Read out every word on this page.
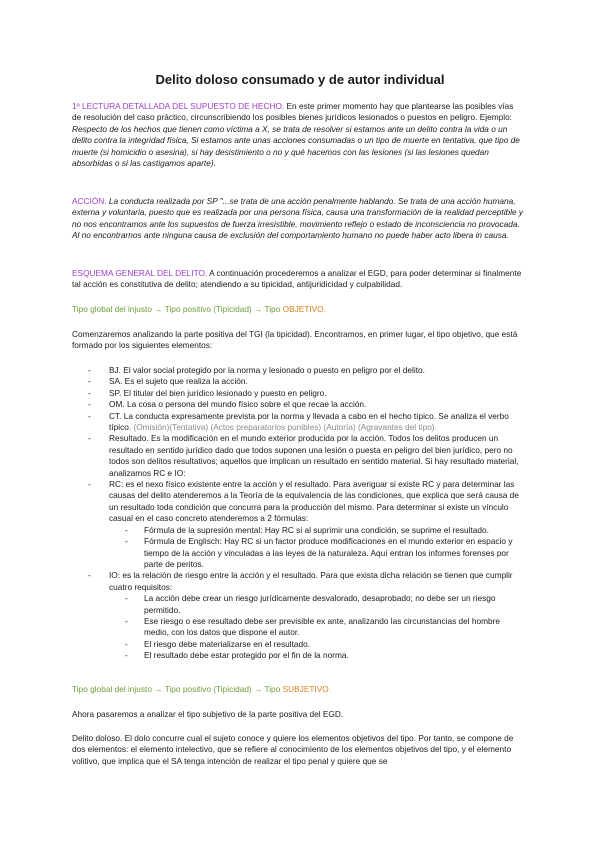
Delito doloso consumado y de autor individual
1º LECTURA DETALLADA DEL SUPUESTO DE HECHO. En este primer momento hay que plantearse las posibles vías de resolución del caso práctico, circunscribiendo los posibles bienes jurídicos lesionados o puestos en peligro. Ejemplo:
Respecto de los hechos que tienen como víctima a X, se trata de resolver si estamos ante un delito contra la vida o un delito contra la integridad física, Si estamos ante unas acciones consumadas o un tipo de muerte en tentativa, que tipo de muerte (si homicidio o asesina), si hay desistimiento o no y qué hacemos con las lesiones (si las lesiones quedan absorbidas o si las castigamos aparte).
ACCIÓN. La conducta realizada por SP "...se trata de una acción penalmente hablando. Se trata de una acción humana, externa y voluntaria, puesto que es realizada por una persona física, causa una transformación de la realidad perceptible y no nos encontramos ante los supuestos de fuerza irresistible, movimiento reflejo o estado de inconsciencia no provocada. Al no encontrarnos ante ninguna causa de exclusión del comportamiento humano no puede haber acto libera in causa.
ESQUEMA GENERAL DEL DELITO. A continuación procederemos a analizar el EGD, para poder determinar si finalmente tal acción es constitutiva de delito; atendiendo a su tipicidad, antijuridicidad y culpabilidad.
Tipo global del injusto → Tipo positivo (Tipicidad) → Tipo OBJETIVO.
Comenzaremos analizando la parte positiva del TGI (la tipicidad). Encontramos, en primer lugar, el tipo objetivo, que está formado por los siguientes elementos:
- BJ. El valor social protegido por la norma y lesionado o puesto en peligro por el delito.
- SA. Es el sujeto que realiza la acción.
- SP. El titular del bien jurídico lesionado y puesto en peligro.
- OM. La cosa o persona del mundo físico sobre el que recae la acción.
- CT. La conducta expresamente prevista por la norma y llevada a cabo en el hecho típico. Se analiza el verbo típico. (Omisión)(Tentativa) (Actos preparatorios punibles) (Autoría) (Agravantes del tipo).
- Resultado. Es la modificación en el mundo exterior producida por la acción. Todos los delitos producen un resultado en sentido jurídico dado que todos suponen una lesión o puesta en peligro del bien jurídico, pero no todos son delitos resultativos; aquellos que implican un resultado en sentido material. Si hay resultado material, analizamos RC e IO:
- RC: es el nexo físico existente entre la acción y el resultado. Para averiguar si existe RC y para determinar las causas del delito atenderemos a la Teoría de la equivalencia de las condiciones, que explica que será causa de un resultado toda condición que concurra para la producción del mismo. Para determinar si existe un vínculo casual en el caso concreto atenderemos a 2 fórmulas:
- Fórmula de la supresión mental: Hay RC si al suprimir una condición, se suprime el resultado.
- Fórmula de Englisch: Hay RC si un factor produce modificaciones en el mundo exterior en espacio y tiempo de la acción y vinculadas a las leyes de la naturaleza. Aquí entran los informes forenses por parte de peritos.
- IO: es la relación de riesgo entre la acción y el resultado. Para que exista dicha relación se tienen que cumplir cuatro requisitos:
- La acción debe crear un riesgo jurídicamente desvalorado, desaprobado; no debe ser un riesgo permitido.
- Ese riesgo o ese resultado debe ser previsible ex ante, analizando las circunstancias del hombre medio, con los datos que dispone el autor.
- El riesgo debe materializarse en el resultado.
- El resultado debe estar protegido por el fin de la norma.
Tipo global del injusto → Tipo positivo (Tipicidad) → Tipo SUBJETIVO.
Ahora pasaremos a analizar el tipo subjetivo de la parte positiva del EGD.
Delito doloso. El dolo concurre cual el sujeto conoce y quiere los elementos objetivos del tipo. Por tanto, se compone de dos elementos: el elemento intelectivo, que se refiere al conocimiento de los elementos objetivos del tipo, y el elemento volitivo, que implica que el SA tenga intención de realizar el tipo penal y quiere que se
